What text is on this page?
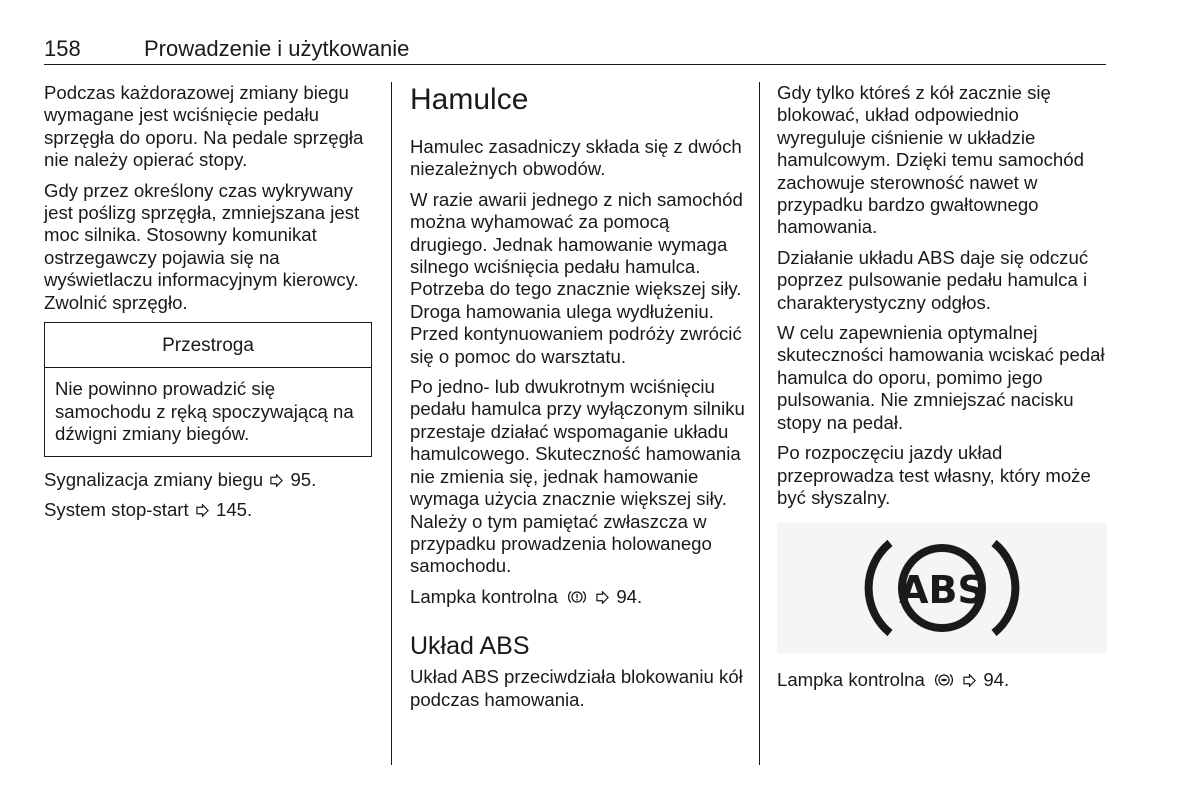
158	Prowadzenie i użytkowanie

Podczas każdorazowej zmiany biegu wymagane jest wciśnięcie pedału sprzęgła do oporu. Na pedale sprzęgła nie należy opierać stopy.

Gdy przez określony czas wykrywany jest poślizg sprzęgła, zmniejszana jest moc silnika. Stosowny komunikat ostrzegawczy pojawia się na wyświetlaczu informacyjnym kierowcy. Zwolnić sprzęgło.

Przestroga
Nie powinno prowadzić się samochodu z ręką spoczywającą na dźwigni zmiany biegów.

Sygnalizacja zmiany biegu 95.

System stop-start 145.

Hamulce

Hamulec zasadniczy składa się z dwóch niezależnych obwodów.

W razie awarii jednego z nich samochód można wyhamować za pomocą drugiego. Jednak hamowanie wymaga silnego wciśnięcia pedału hamulca. Potrzeba do tego znacznie większej siły. Droga hamowania ulega wydłużeniu. Przed kontynuowaniem podróży zwrócić się o pomoc do warsztatu.

Po jedno- lub dwukrotnym wciśnięciu pedału hamulca przy wyłączonym silniku przestaje działać wspomaganie układu hamulcowego. Skuteczność hamowania nie zmienia się, jednak hamowanie wymaga użycia znacznie większej siły. Należy o tym pamiętać zwłaszcza w przypadku prowadzenia holowanego samochodu.

Lampka kontrolna	94.

Układ ABS

Układ ABS przeciwdziała blokowaniu kół podczas hamowania.

Gdy tylko któreś z kół zacznie się blokować, układ odpowiednio wyreguluje ciśnienie w układzie hamulcowym. Dzięki temu samochód zachowuje sterowność nawet w przypadku bardzo gwałtownego hamowania.

Działanie układu ABS daje się odczuć poprzez pulsowanie pedału hamulca i charakterystyczny odgłos.

W celu zapewnienia optymalnej skuteczności hamowania wciskać pedał hamulca do oporu, pomimo jego pulsowania. Nie zmniejszać nacisku stopy na pedał.

Po rozpoczęciu jazdy układ przeprowadza test własny, który może być słyszalny.

ABS

Lampka kontrolna	94.
